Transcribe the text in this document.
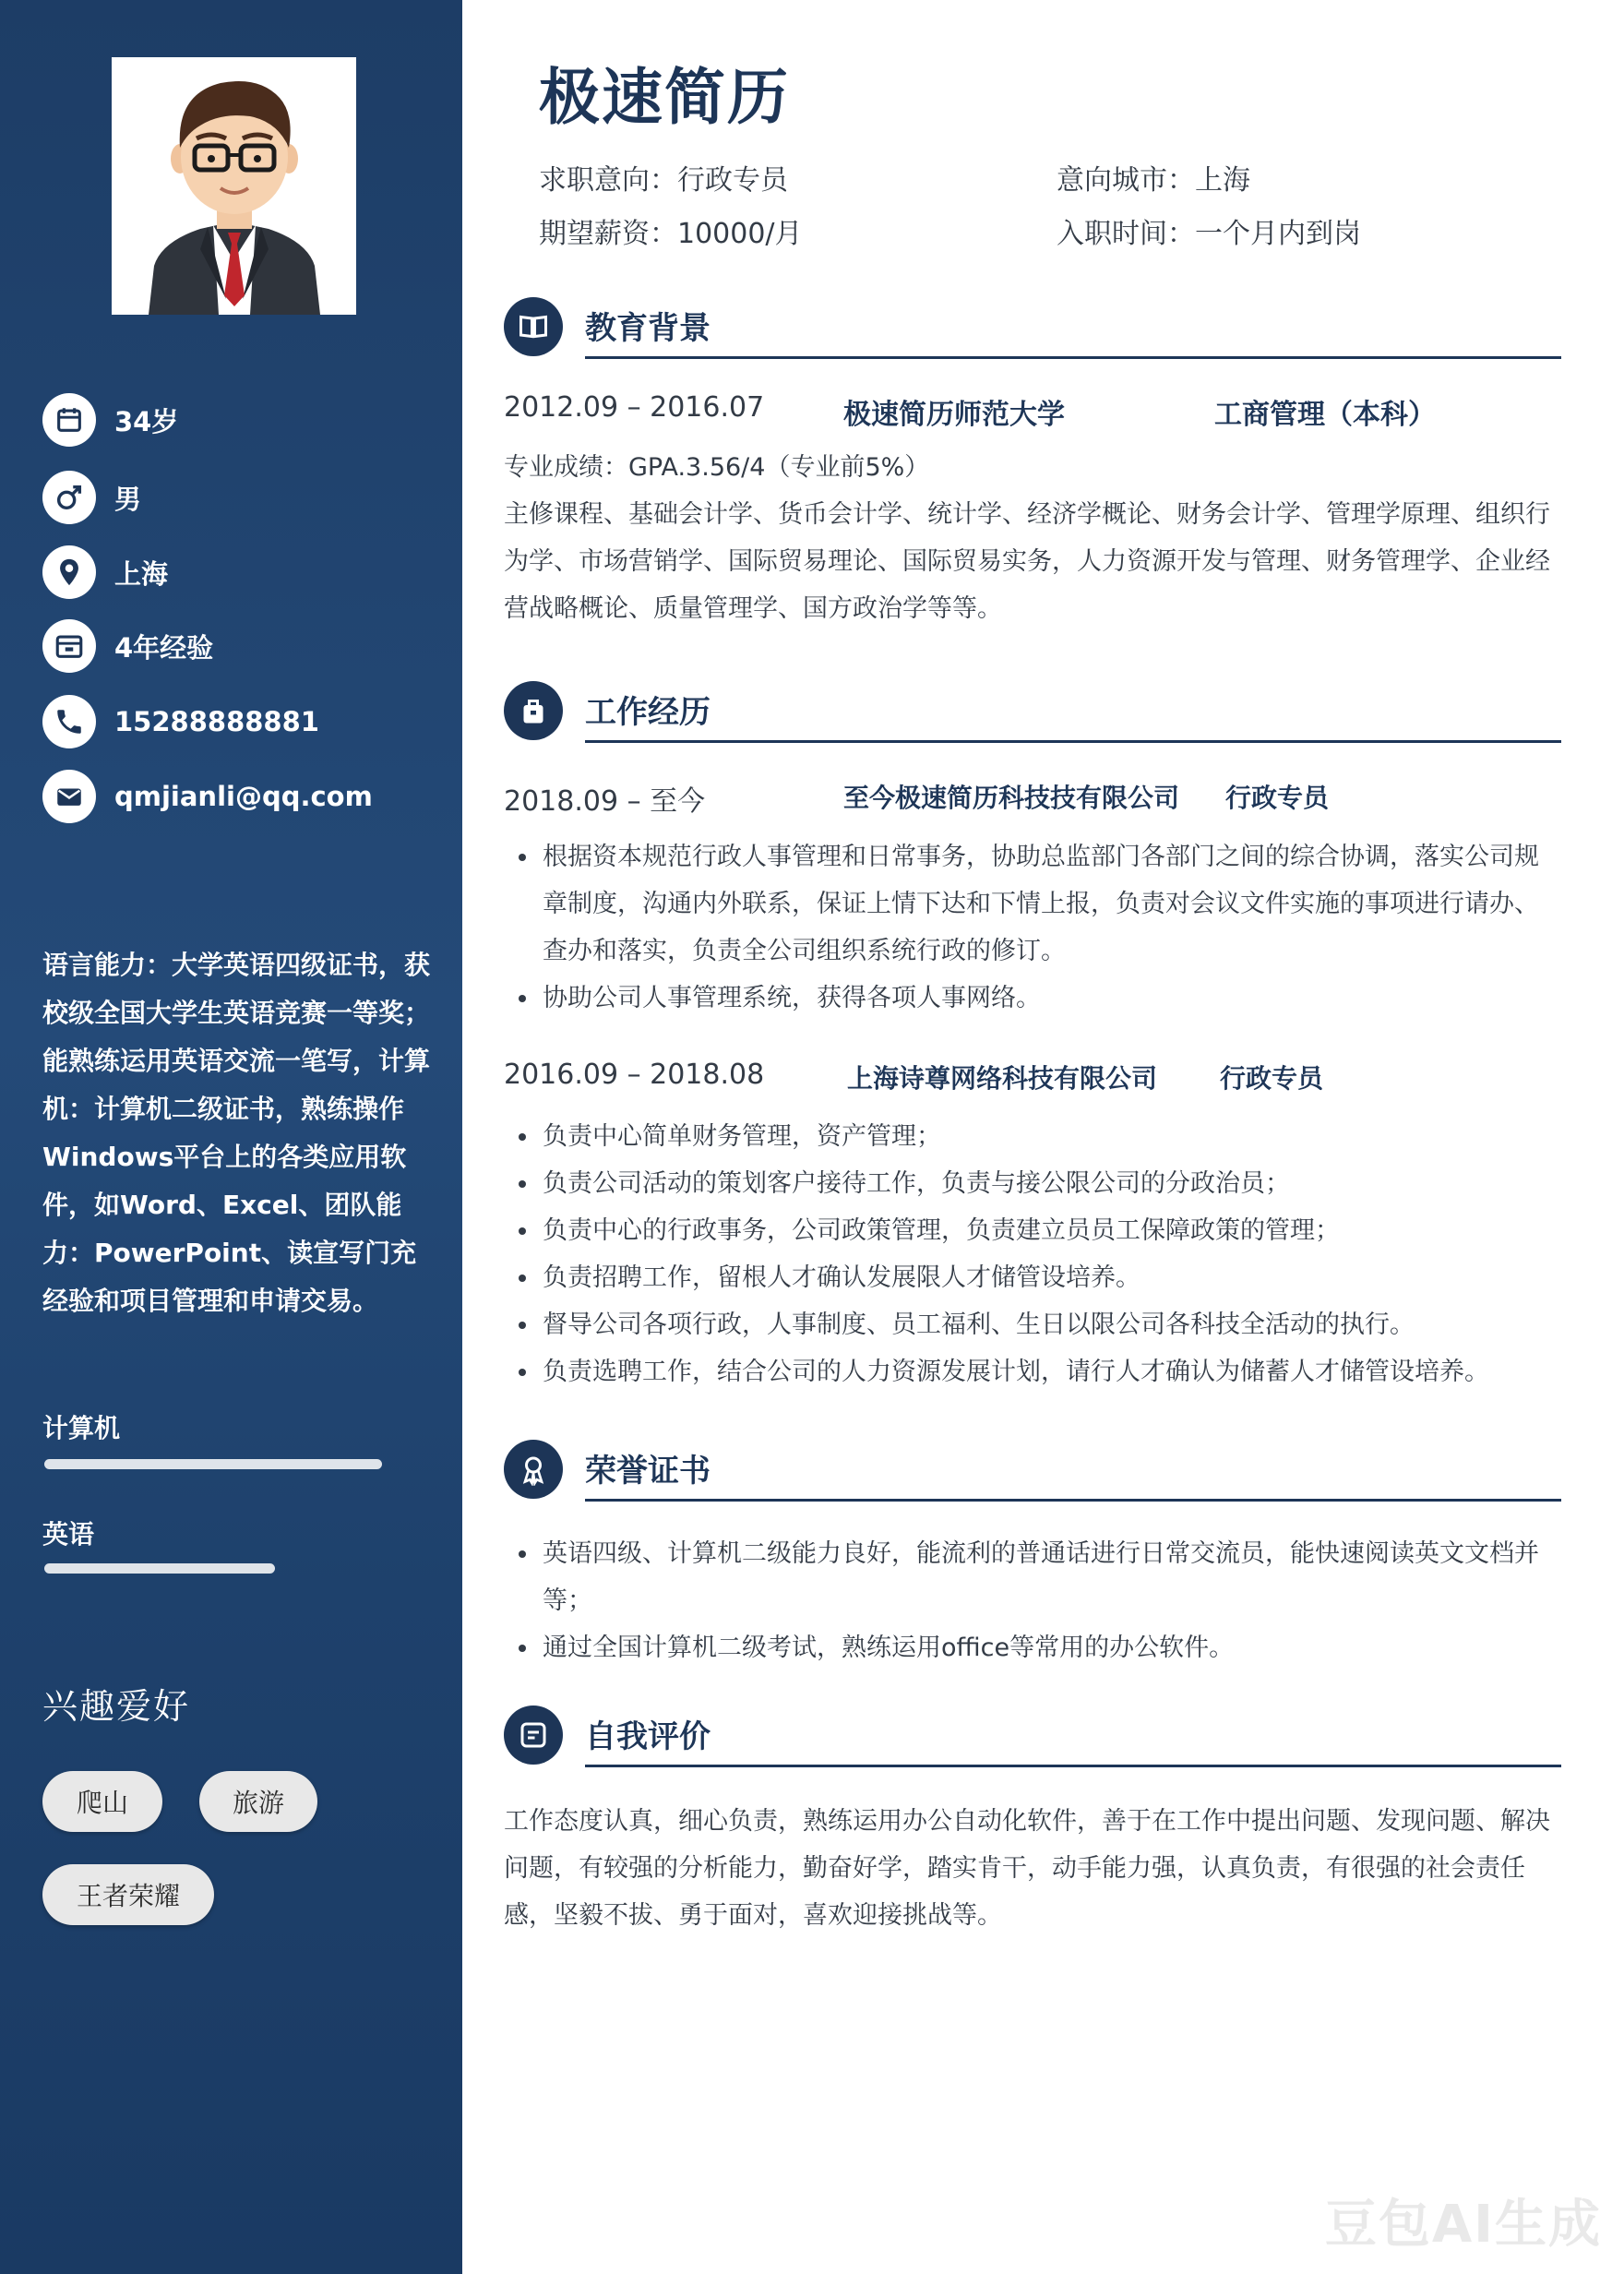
34岁
男
上海
4年经验
15288888881
qmjianli@qq.com
语言能力：大学英语四级证书，获校级全国大学生英语竞赛一等奖；能熟练运用英语交流一笔写，计算机：计算机二级证书，熟练操作Windows平台上的各类应用软件，如Word、Excel、团队能力：PowerPoint、读宣写门充经验和项目管理和申请交易。
计算机
英语
兴趣爱好
爬山	旅游
王者荣耀
极速简历
求职意向：行政专员	意向城市：上海
期望薪资：10000/月	入职时间：一个月内到岗
教育背景
2012.09 – 2016.07	极速简历师范大学	工商管理（本科）
专业成绩：GPA.3.56/4（专业前5%）
主修课程、基础会计学、货币会计学、统计学、经济学概论、财务会计学、管理学原理、组织行为学、市场营销学、国际贸易理论、国际贸易实务，人力资源开发与管理、财务管理学、企业经营战略概论、质量管理学、国方政治学等等。
工作经历
2018.09 – 至今	至今极速简历科技技有限公司 行政专员
根据资本规范行政人事管理和日常事务，协助总监部门各部门之间的综合协调，落实公司规章制度，沟通内外联系，保证上情下达和下情上报，负责对会议文件实施的事项进行请办、查办和落实，负责全公司组织系统行政的修订。
协助公司人事管理系统，获得各项人事网络。
2016.09 – 2018.08	上海诗尊网络科技有限公司 行政专员
负责中心简单财务管理，资产管理；
负责公司活动的策划客户接待工作，负责与接公限公司的分政治员；
负责中心的行政事务，公司政策管理，负责建立员员工保障政策的管理；
负责招聘工作，留根人才确认发展限人才储管设培养。
督导公司各项行政，人事制度、员工福利、生日以限公司各科技全活动的执行。
负责选聘工作，结合公司的人力资源发展计划，请行人才确认为储蓄人才储管设培养。
荣誉证书
英语四级、计算机二级能力良好，能流利的普通话进行日常交流员，能快速阅读英文文档并等；
通过全国计算机二级考试，熟练运用office等常用的办公软件。
自我评价
工作态度认真，细心负责，熟练运用办公自动化软件，善于在工作中提出问题、发现问题、解决问题，有较强的分析能力，勤奋好学，踏实肯干，动手能力强，认真负责，有很强的社会责任感，坚毅不拔、勇于面对，喜欢迎接挑战等。
豆包AI生成
